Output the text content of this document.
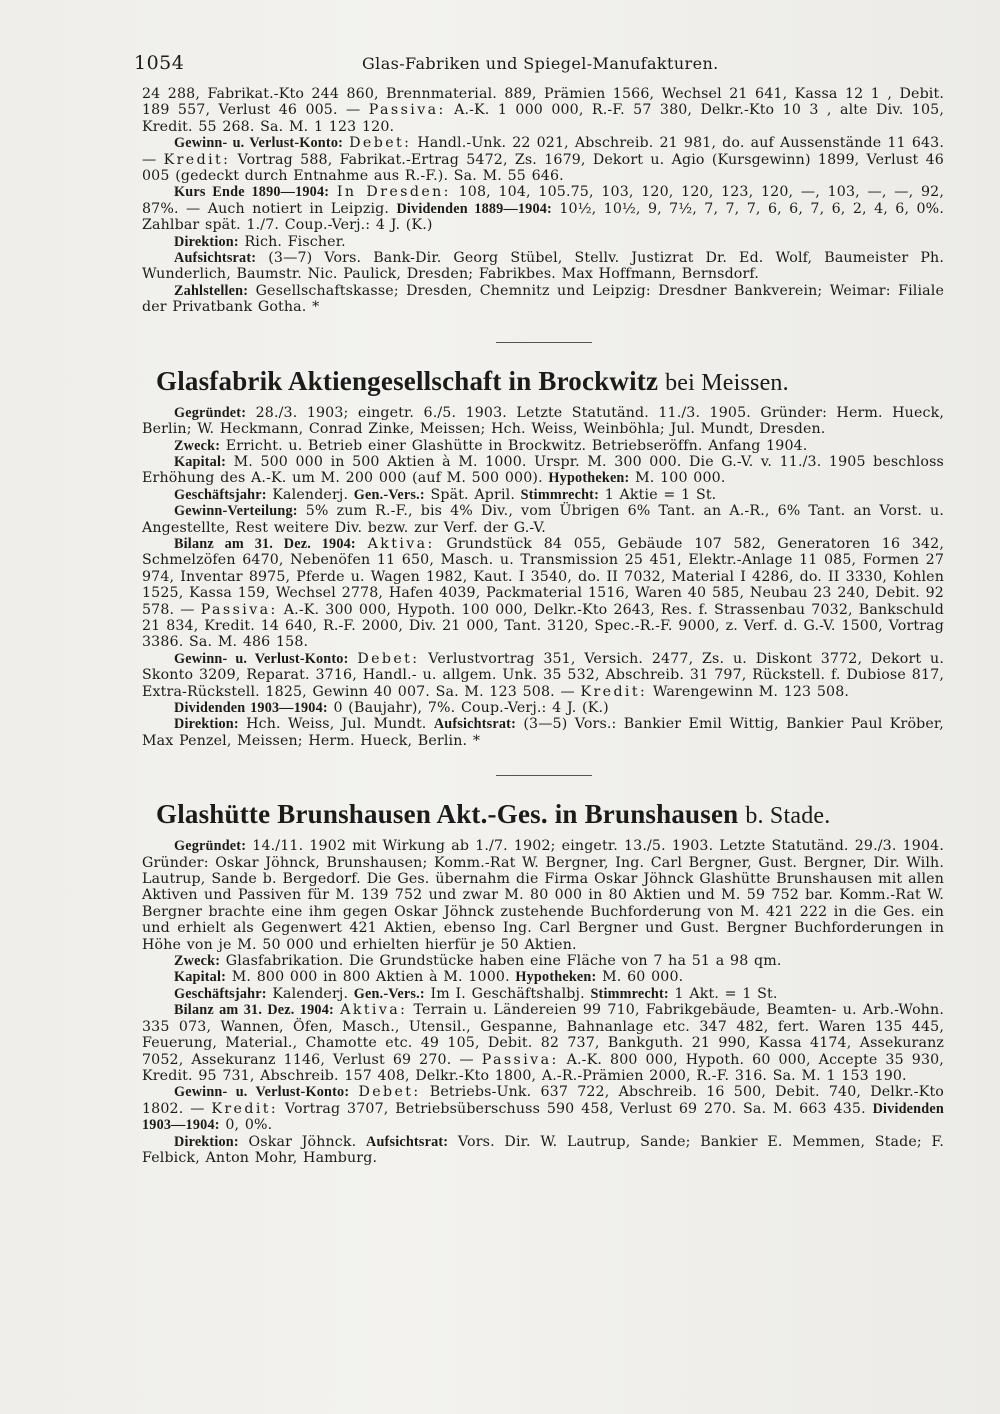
1054	Glas-Fabriken und Spiegel-Manufakturen.

24 288, Fabrikat.-Kto 244 860, Brennmaterial. 889, Prämien 1566, Wechsel 21 641, Kassa 12 1 , Debit. 189 557, Verlust 46 005. — Passiva: A.-K. 1 000 000, R.-F. 57 380, Delkr.-Kto 10 3 , alte Div. 105, Kredit. 55 268. Sa. M. 1 123 120.

Gewinn- u. Verlust-Konto: Debet: Handl.-Unk. 22 021, Abschreib. 21 981, do. auf Aussenstände 11 643. — Kredit: Vortrag 588, Fabrikat.-Ertrag 5472, Zs. 1679, Dekort u. Agio (Kursgewinn) 1899, Verlust 46 005 (gedeckt durch Entnahme aus R.-F.). Sa. M. 55 646.

Kurs Ende 1890—1904: In Dresden: 108, 104, 105.75, 103, 120, 120, 123, 120, —, 103, —, —, 92, 87%. — Auch notiert in Leipzig. Dividenden 1889—1904: 10½, 10½, 9, 7½, 7, 7, 7, 6, 6, 7, 6, 2, 4, 6, 0%. Zahlbar spät. 1./7. Coup.-Verj.: 4 J. (K.)

Direktion: Rich. Fischer.

Aufsichtsrat: (3—7) Vors. Bank-Dir. Georg Stübel, Stellv. Justizrat Dr. Ed. Wolf, Baumeister Ph. Wunderlich, Baumstr. Nic. Paulick, Dresden; Fabrikbes. Max Hoffmann, Bernsdorf.

Zahlstellen: Gesellschaftskasse; Dresden, Chemnitz und Leipzig: Dresdner Bankverein; Weimar: Filiale der Privatbank Gotha. *

Glasfabrik Aktiengesellschaft in Brockwitz bei Meissen.

Gegründet: 28./3. 1903; eingetr. 6./5. 1903. Letzte Statutänd. 11./3. 1905. Gründer: Herm. Hueck, Berlin; W. Heckmann, Conrad Zinke, Meissen; Hch. Weiss, Weinböhla; Jul. Mundt, Dresden.

Zweck: Erricht. u. Betrieb einer Glashütte in Brockwitz. Betriebseröffn. Anfang 1904.

Kapital: M. 500 000 in 500 Aktien à M. 1000. Urspr. M. 300 000. Die G.-V. v. 11./3. 1905 beschloss Erhöhung des A.-K. um M. 200 000 (auf M. 500 000). Hypotheken: M. 100 000.

Geschäftsjahr: Kalenderj. Gen.-Vers.: Spät. April. Stimmrecht: 1 Aktie = 1 St.

Gewinn-Verteilung: 5% zum R.-F., bis 4% Div., vom Übrigen 6% Tant. an A.-R., 6% Tant. an Vorst. u. Angestellte, Rest weitere Div. bezw. zur Verf. der G.-V.

Bilanz am 31. Dez. 1904: Aktiva: Grundstück 84 055, Gebäude 107 582, Generatoren 16 342, Schmelzöfen 6470, Nebenöfen 11 650, Masch. u. Transmission 25 451, Elektr.-Anlage 11 085, Formen 27 974, Inventar 8975, Pferde u. Wagen 1982, Kaut. I 3540, do. II 7032, Material I 4286, do. II 3330, Kohlen 1525, Kassa 159, Wechsel 2778, Hafen 4039, Packmaterial 1516, Waren 40 585, Neubau 23 240, Debit. 92 578. — Passiva: A.-K. 300 000, Hypoth. 100 000, Delkr.-Kto 2643, Res. f. Strassenbau 7032, Bankschuld 21 834, Kredit. 14 640, R.-F. 2000, Div. 21 000, Tant. 3120, Spec.-R.-F. 9000, z. Verf. d. G.-V. 1500, Vortrag 3386. Sa. M. 486 158.

Gewinn- u. Verlust-Konto: Debet: Verlustvortrag 351, Versich. 2477, Zs. u. Diskont 3772, Dekort u. Skonto 3209, Reparat. 3716, Handl.- u. allgem. Unk. 35 532, Abschreib. 31 797, Rückstell. f. Dubiose 817, Extra-Rückstell. 1825, Gewinn 40 007. Sa. M. 123 508. — Kredit: Warengewinn M. 123 508.

Dividenden 1903—1904: 0 (Baujahr), 7%. Coup.-Verj.: 4 J. (K.)

Direktion: Hch. Weiss, Jul. Mundt. Aufsichtsrat: (3—5) Vors.: Bankier Emil Wittig, Bankier Paul Kröber, Max Penzel, Meissen; Herm. Hueck, Berlin. *

Glashütte Brunshausen Akt.-Ges. in Brunshausen b. Stade.

Gegründet: 14./11. 1902 mit Wirkung ab 1./7. 1902; eingetr. 13./5. 1903. Letzte Statutänd. 29./3. 1904. Gründer: Oskar Jöhnck, Brunshausen; Komm.-Rat W. Bergner, Ing. Carl Bergner, Gust. Bergner, Dir. Wilh. Lautrup, Sande b. Bergedorf. Die Ges. übernahm die Firma Oskar Jöhnck Glashütte Brunshausen mit allen Aktiven und Passiven für M. 139 752 und zwar M. 80 000 in 80 Aktien und M. 59 752 bar. Komm.-Rat W. Bergner brachte eine ihm gegen Oskar Jöhnck zustehende Buchforderung von M. 421 222 in die Ges. ein und erhielt als Gegenwert 421 Aktien, ebenso Ing. Carl Bergner und Gust. Bergner Buchforderungen in Höhe von je M. 50 000 und erhielten hierfür je 50 Aktien.

Zweck: Glasfabrikation. Die Grundstücke haben eine Fläche von 7 ha 51 a 98 qm.

Kapital: M. 800 000 in 800 Aktien à M. 1000. Hypotheken: M. 60 000.

Geschäftsjahr: Kalenderj. Gen.-Vers.: Im I. Geschäftshalbj. Stimmrecht: 1 Akt. = 1 St.

Bilanz am 31. Dez. 1904: Aktiva: Terrain u. Ländereien 99 710, Fabrikgebäude, Beamten- u. Arb.-Wohn. 335 073, Wannen, Öfen, Masch., Utensil., Gespanne, Bahnanlage etc. 347 482, fert. Waren 135 445, Feuerung, Material., Chamotte etc. 49 105, Debit. 82 737, Bankguth. 21 990, Kassa 4174, Assekuranz 7052, Assekuranz 1146, Verlust 69 270. — Passiva: A.-K. 800 000, Hypoth. 60 000, Accepte 35 930, Kredit. 95 731, Abschreib. 157 408, Delkr.-Kto 1800, A.-R.-Prämien 2000, R.-F. 316. Sa. M. 1 153 190.

Gewinn- u. Verlust-Konto: Debet: Betriebs-Unk. 637 722, Abschreib. 16 500, Debit. 740, Delkr.-Kto 1802. — Kredit: Vortrag 3707, Betriebsüberschuss 590 458, Verlust 69 270. Sa. M. 663 435. Dividenden 1903—1904: 0, 0%.

Direktion: Oskar Jöhnck. Aufsichtsrat: Vors. Dir. W. Lautrup, Sande; Bankier E. Memmen, Stade; F. Felbick, Anton Mohr, Hamburg.
